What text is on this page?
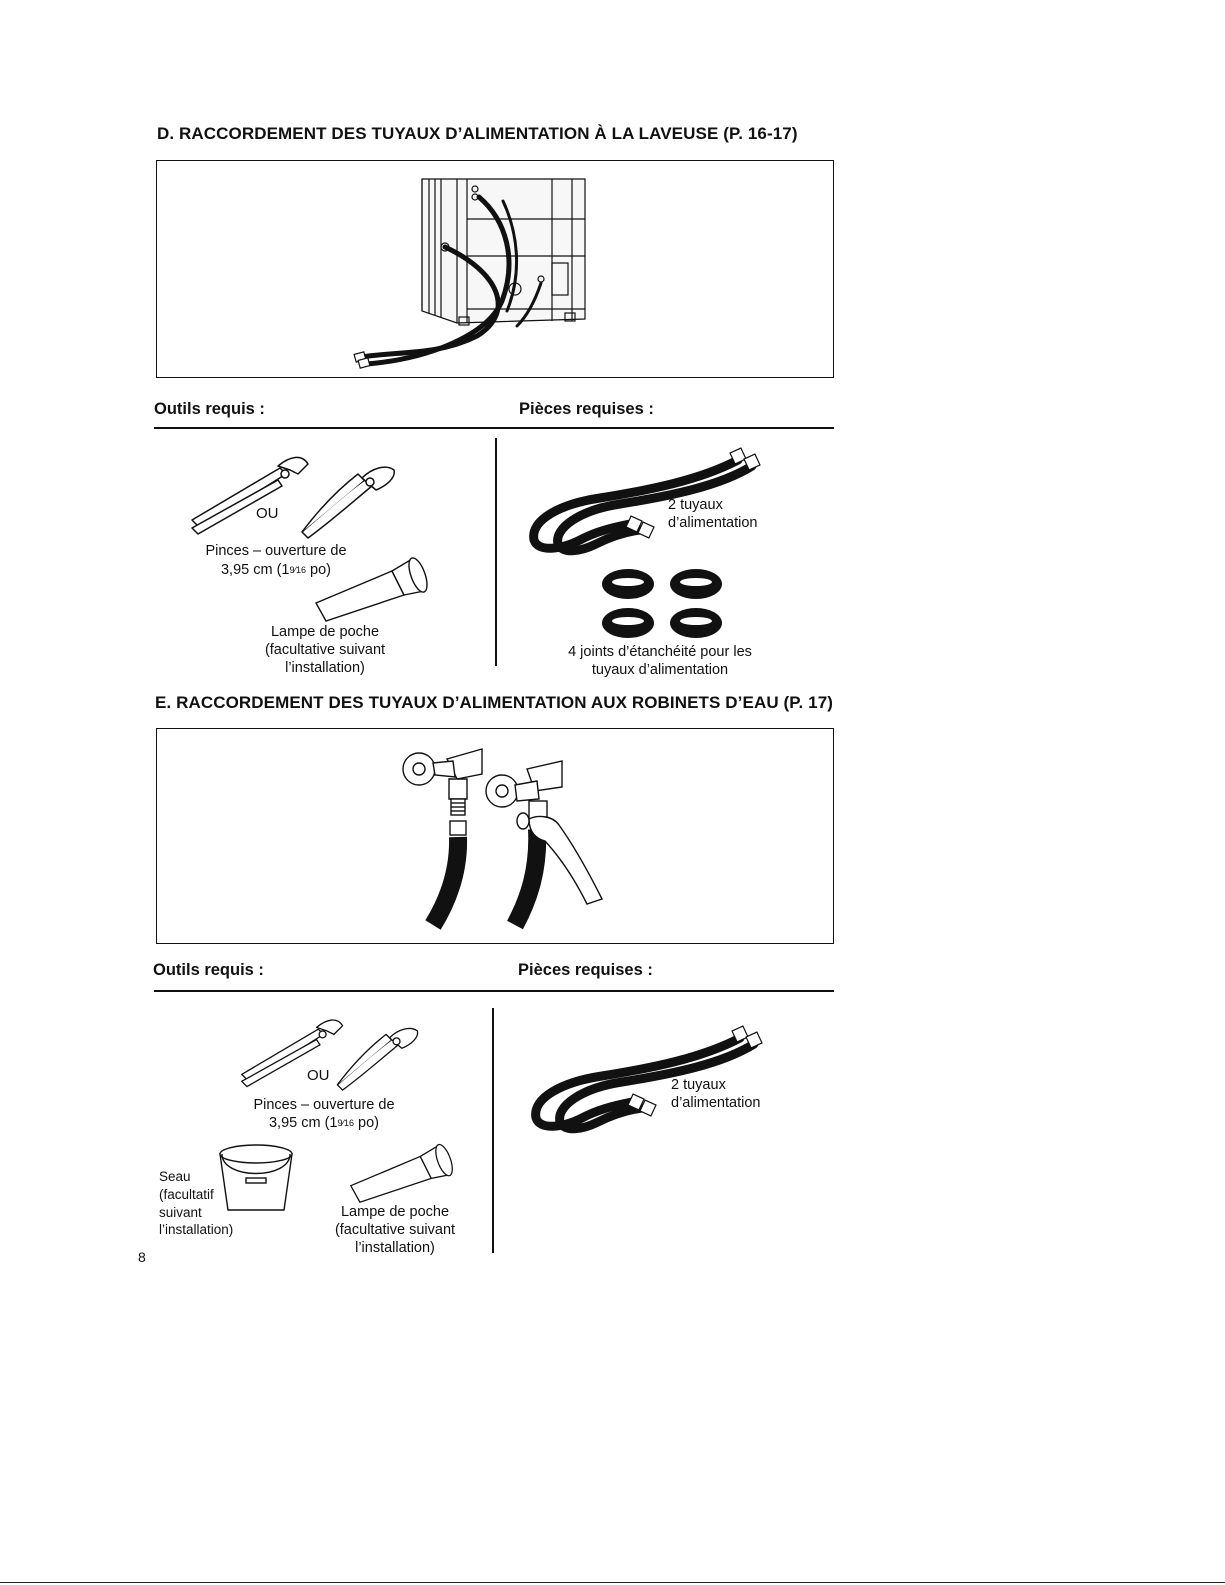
D. RACCORDEMENT DES TUYAUX D’ALIMENTATION À LA LAVEUSE (P. 16-17)
Outils requis :	Pièces requises :
OU
Pinces – ouverture de
3,95 cm (19⁄16 po)
Lampe de poche
(facultative suivant
l’installation)
2 tuyaux
d’alimentation
4 joints d’étanchéité pour les
tuyaux d’alimentation
E. RACCORDEMENT DES TUYAUX D’ALIMENTATION AUX ROBINETS D’EAU (P. 17)
Outils requis :	Pièces requises :
OU
Pinces – ouverture de
3,95 cm (19⁄16 po)
Seau
(facultatif
suivant
l’installation)
Lampe de poche
(facultative suivant
l’installation)
2 tuyaux
d’alimentation
8
